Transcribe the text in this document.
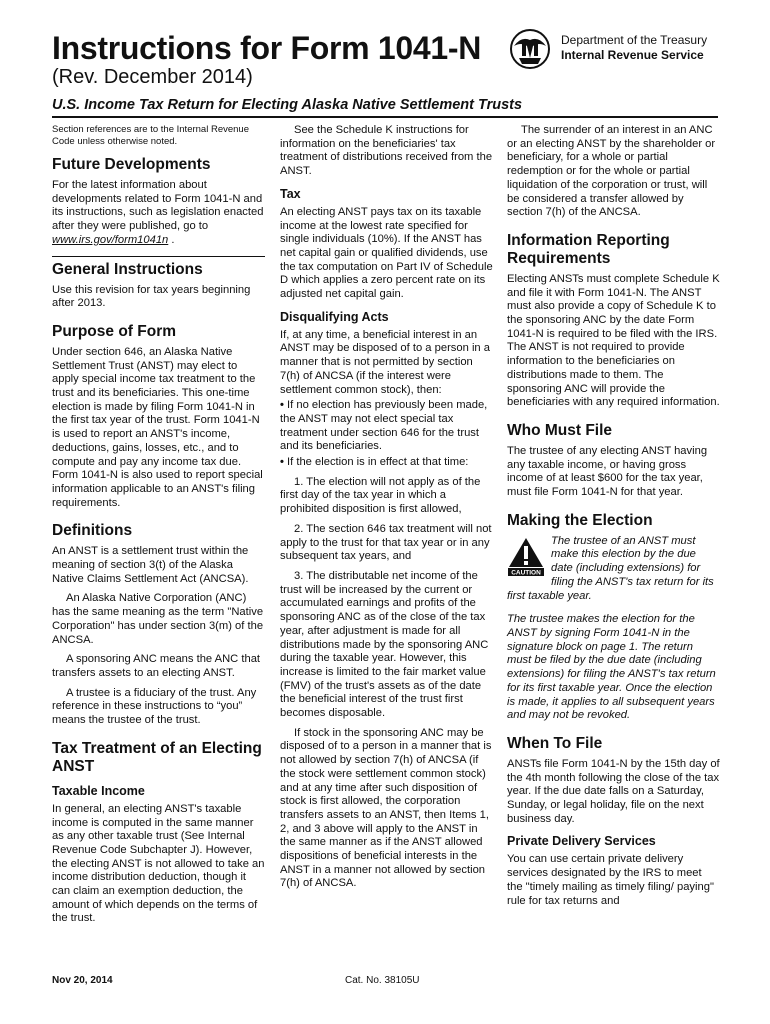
Instructions for Form 1041-N
(Rev. December 2014)
Department of the Treasury
Internal Revenue Service
U.S. Income Tax Return for Electing Alaska Native Settlement Trusts

Section references are to the Internal Revenue Code unless otherwise noted.

Future Developments

For the latest information about developments related to Form 1041-N and its instructions, such as legislation enacted after they were published, go to www.irs.gov/form1041n .

General Instructions

Use this revision for tax years beginning after 2013.

Purpose of Form

Under section 646, an Alaska Native Settlement Trust (ANST) may elect to apply special income tax treatment to the trust and its beneficiaries. This one-time election is made by filing Form 1041-N in the first tax year of the trust. Form 1041-N is used to report an ANST's income, deductions, gains, losses, etc., and to compute and pay any income tax due. Form 1041-N is also used to report special information applicable to an ANST's filing requirements.

Definitions

An ANST is a settlement trust within the meaning of section 3(t) of the Alaska Native Claims Settlement Act (ANCSA).

An Alaska Native Corporation (ANC) has the same meaning as the term "Native Corporation" has under section 3(m) of the ANCSA.

A sponsoring ANC means the ANC that transfers assets to an electing ANST.

A trustee is a fiduciary of the trust. Any reference in these instructions to “you” means the trustee of the trust.

Tax Treatment of an Electing ANST
Taxable Income

In general, an electing ANST's taxable income is computed in the same manner as any other taxable trust (See Internal Revenue Code Subchapter J). However, the electing ANST is not allowed to take an income distribution deduction, though it can claim an exemption deduction, the amount of which depends on the terms of the trust.

See the Schedule K instructions for information on the beneficiaries' tax treatment of distributions received from the ANST.

Tax

An electing ANST pays tax on its taxable income at the lowest rate specified for single individuals (10%). If the ANST has net capital gain or qualified dividends, use the tax computation on Part IV of Schedule D which applies a zero percent rate on its adjusted net capital gain.

Disqualifying Acts

If, at any time, a beneficial interest in an ANST may be disposed of to a person in a manner that is not permitted by section 7(h) of ANCSA (if the interest were settlement common stock), then:

• If no election has previously been made, the ANST may not elect special tax treatment under section 646 for the trust and its beneficiaries.

• If the election is in effect at that time:

1. The election will not apply as of the first day of the tax year in which a prohibited disposition is first allowed,

2. The section 646 tax treatment will not apply to the trust for that tax year or in any subsequent tax years, and

3. The distributable net income of the trust will be increased by the current or accumulated earnings and profits of the sponsoring ANC as of the close of the tax year, after adjustment is made for all distributions made by the sponsoring ANC during the taxable year. However, this increase is limited to the fair market value (FMV) of the trust's assets as of the date the beneficial interest of the trust first becomes disposable.

If stock in the sponsoring ANC may be disposed of to a person in a manner that is not allowed by section 7(h) of ANCSA (if the stock were settlement common stock) and at any time after such disposition of stock is first allowed, the corporation transfers assets to an ANST, then Items 1, 2, and 3 above will apply to the ANST in the same manner as if the ANST allowed dispositions of beneficial interests in the ANST in a manner not allowed by section 7(h) of ANCSA.

The surrender of an interest in an ANC or an electing ANST by the shareholder or beneficiary, for a whole or partial redemption or for the whole or partial liquidation of the corporation or trust, will be considered a transfer allowed by section 7(h) of the ANCSA.

Information Reporting Requirements

Electing ANSTs must complete Schedule K and file it with Form 1041-N. The ANST must also provide a copy of Schedule K to the sponsoring ANC by the date Form 1041-N is required to be filed with the IRS. The ANST is not required to provide information to the beneficiaries on distributions made to them. The sponsoring ANC will provide the beneficiaries with any required information.

Who Must File

The trustee of any electing ANST having any taxable income, or having gross income of at least $600 for the tax year, must file Form 1041-N for that year.

Making the Election
CAUTION

The trustee of an ANST must make this election by the due date (including extensions) for filing the ANST's tax return for its first taxable year.

The trustee makes the election for the ANST by signing Form 1041-N in the signature block on page 1. The return must be filed by the due date (including extensions) for filing the ANST's tax return for its first taxable year. Once the election is made, it applies to all subsequent years and may not be revoked.

When To File

ANSTs file Form 1041-N by the 15th day of the 4th month following the close of the tax year. If the due date falls on a Saturday, Sunday, or legal holiday, file on the next business day.

Private Delivery Services

You can use certain private delivery services designated by the IRS to meet the "timely mailing as timely filing/ paying" rule for tax returns and

Nov 20, 2014	Cat. No. 38105U
